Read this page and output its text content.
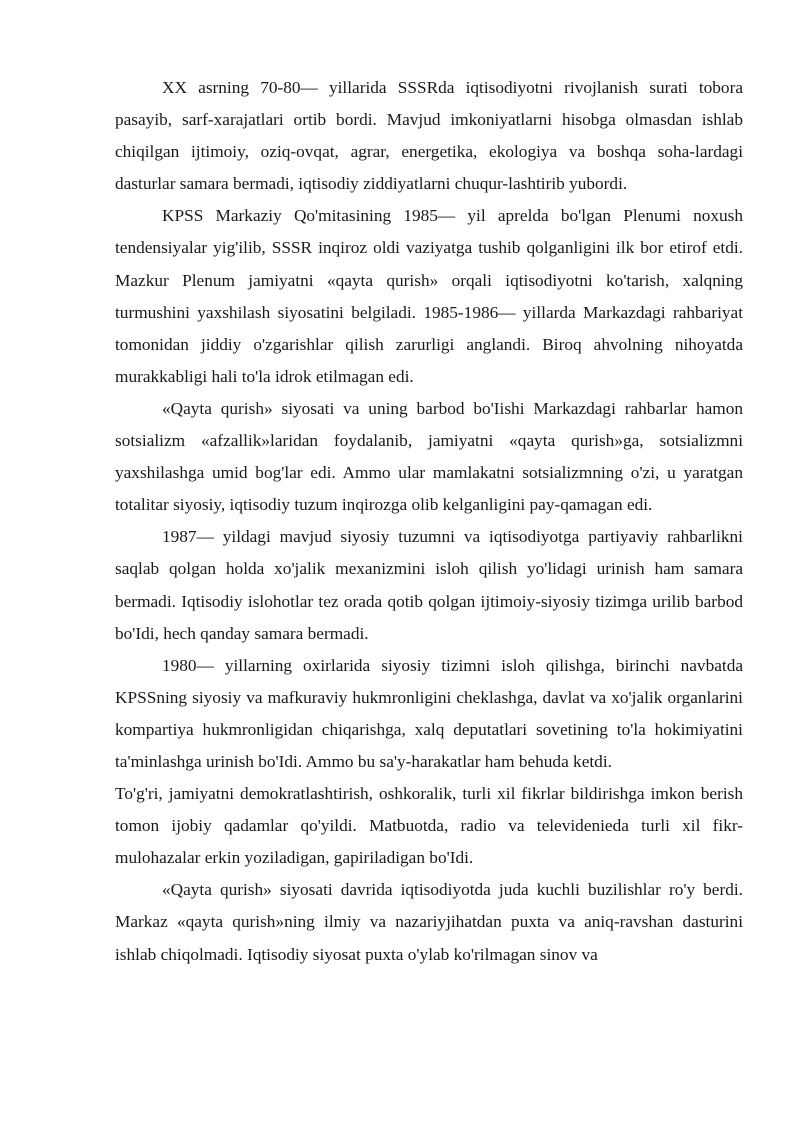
XX asrning 70-80— yillarida SSSRda iqtisodiyotni rivojlanish surati tobora pasayib, sarf-xarajatlari ortib bordi. Mavjud imkoniyatlarni hisobga olmasdan ishlab chiqilgan ijtimoiy, oziq-ovqat, agrar, energetika, ekologiya va boshqa soha-lardagi dasturlar samara bermadi, iqtisodiy ziddiyatlarni chuqur-lashtirib yubordi.

KPSS Markaziy Qo'mitasining 1985— yil aprelda bo'lgan Plenumi noxush tendensiyalar yig'ilib, SSSR inqiroz oldi vaziyatga tushib qolganligini ilk bor etirof etdi. Mazkur Plenum jamiyatni «qayta qurish» orqali iqtisodiyotni ko'tarish, xalqning turmushini yaxshilash siyosatini belgiladi. 1985-1986— yillarda Markazdagi rahbariyat tomonidan jiddiy o'zgarishlar qilish zarurligi anglandi. Biroq ahvolning nihoyatda murakkabligi hali to'la idrok etilmagan edi.

«Qayta qurish» siyosati va uning barbod bo'Iishi Markazdagi rahbarlar hamon sotsializm «afzallik»laridan foydalanib, jamiyatni «qayta qurish»ga, sotsializmni yaxshilashga umid bog'lar edi. Ammo ular mamlakatni sotsializmning o'zi, u yaratgan totalitar siyosiy, iqtisodiy tuzum inqirozga olib kelganligini pay-qamagan edi.

1987— yildagi mavjud siyosiy tuzumni va iqtisodiyotga partiyaviy rahbarlikni saqlab qolgan holda xo'jalik mexanizmini isloh qilish yo'lidagi urinish ham samara bermadi. Iqtisodiy islohotlar tez orada qotib qolgan ijtimoiy-siyosiy tizimga urilib barbod bo'Idi, hech qanday samara bermadi.

1980— yillarning oxirlarida siyosiy tizimni isloh qilishga, birinchi navbatda KPSSning siyosiy va mafkuraviy hukmronligini cheklashga, davlat va xo'jalik organlarini kompartiya hukmronligidan chiqarishga, xalq deputatlari sovetining to'la hokimiyatini ta'minlashga urinish bo'Idi. Ammo bu sa'y-harakatlar ham behuda ketdi.

To'g'ri, jamiyatni demokratlashtirish, oshkoralik, turli xil fikrlar bildirishga imkon berish tomon ijobiy qadamlar qo'yildi. Matbuotda, radio va televidenieda turli xil fikr-mulohazalar erkin yoziladigan, gapiriladigan bo'Idi.

«Qayta qurish» siyosati davrida iqtisodiyotda juda kuchli buzilishlar ro'y berdi. Markaz «qayta qurish»ning ilmiy va nazariyjihatdan puxta va aniq-ravshan dasturini ishlab chiqolmadi. Iqtisodiy siyosat puxta o'ylab ko'rilmagan sinov va
